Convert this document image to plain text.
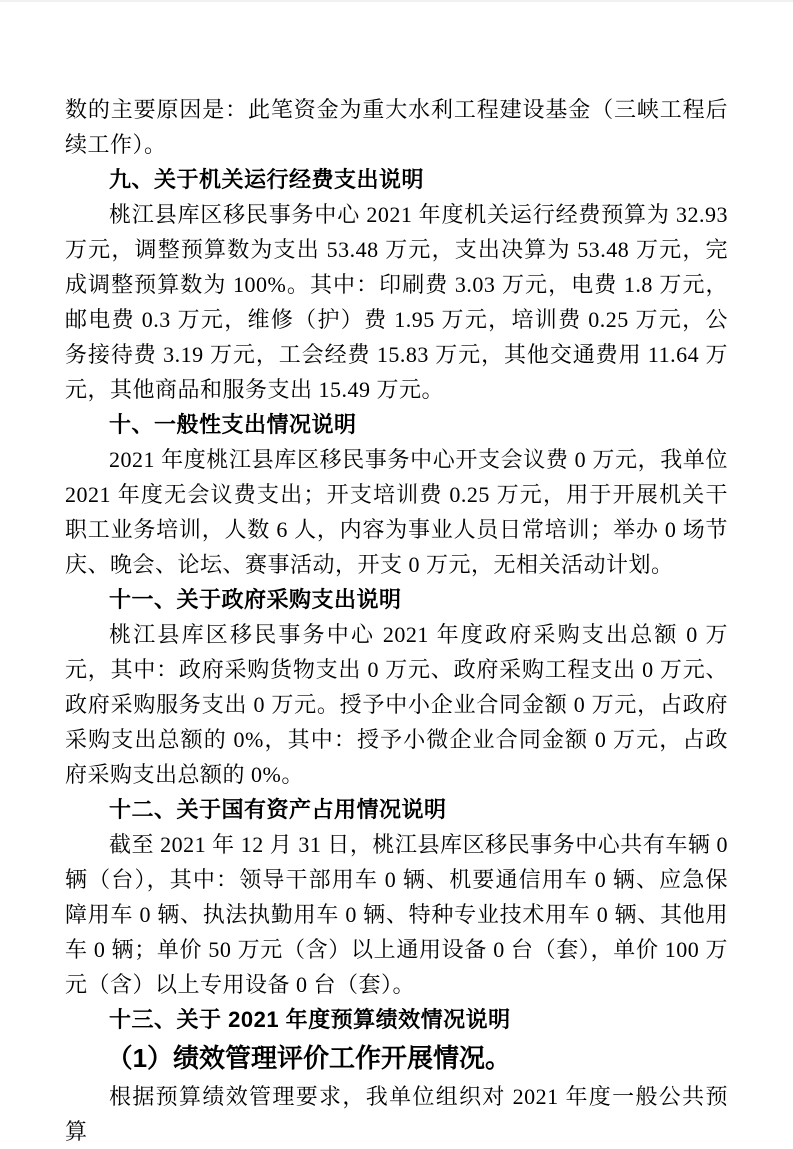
数的主要原因是：此笔资金为重大水利工程建设基金（三峡工程后续工作）。

九、关于机关运行经费支出说明

桃江县库区移民事务中心 2021 年度机关运行经费预算为 32.93 万元，调整预算数为支出 53.48 万元，支出决算为 53.48 万元，完成调整预算数为 100%。其中：印刷费 3.03 万元，电费 1.8 万元，邮电费 0.3 万元，维修（护）费 1.95 万元，培训费 0.25 万元，公务接待费 3.19 万元，工会经费 15.83 万元，其他交通费用 11.64 万元，其他商品和服务支出 15.49 万元。

十、一般性支出情况说明

2021 年度桃江县库区移民事务中心开支会议费 0 万元，我单位 2021 年度无会议费支出；开支培训费 0.25 万元，用于开展机关干职工业务培训，人数 6 人，内容为事业人员日常培训；举办 0 场节庆、晚会、论坛、赛事活动，开支 0 万元，无相关活动计划。

十一、关于政府采购支出说明

桃江县库区移民事务中心 2021 年度政府采购支出总额 0 万元，其中：政府采购货物支出 0 万元、政府采购工程支出 0 万元、政府采购服务支出 0 万元。授予中小企业合同金额 0 万元，占政府采购支出总额的 0%，其中：授予小微企业合同金额 0 万元，占政府采购支出总额的 0%。

十二、关于国有资产占用情况说明

截至 2021 年 12 月 31 日，桃江县库区移民事务中心共有车辆 0 辆（台），其中：领导干部用车 0 辆、机要通信用车 0 辆、应急保障用车 0 辆、执法执勤用车 0 辆、特种专业技术用车 0 辆、其他用车 0 辆；单价 50 万元（含）以上通用设备 0 台（套），单价 100 万元（含）以上专用设备 0 台（套）。

十三、关于 2021 年度预算绩效情况说明

（1）绩效管理评价工作开展情况。

根据预算绩效管理要求，我单位组织对 2021 年度一般公共预算
